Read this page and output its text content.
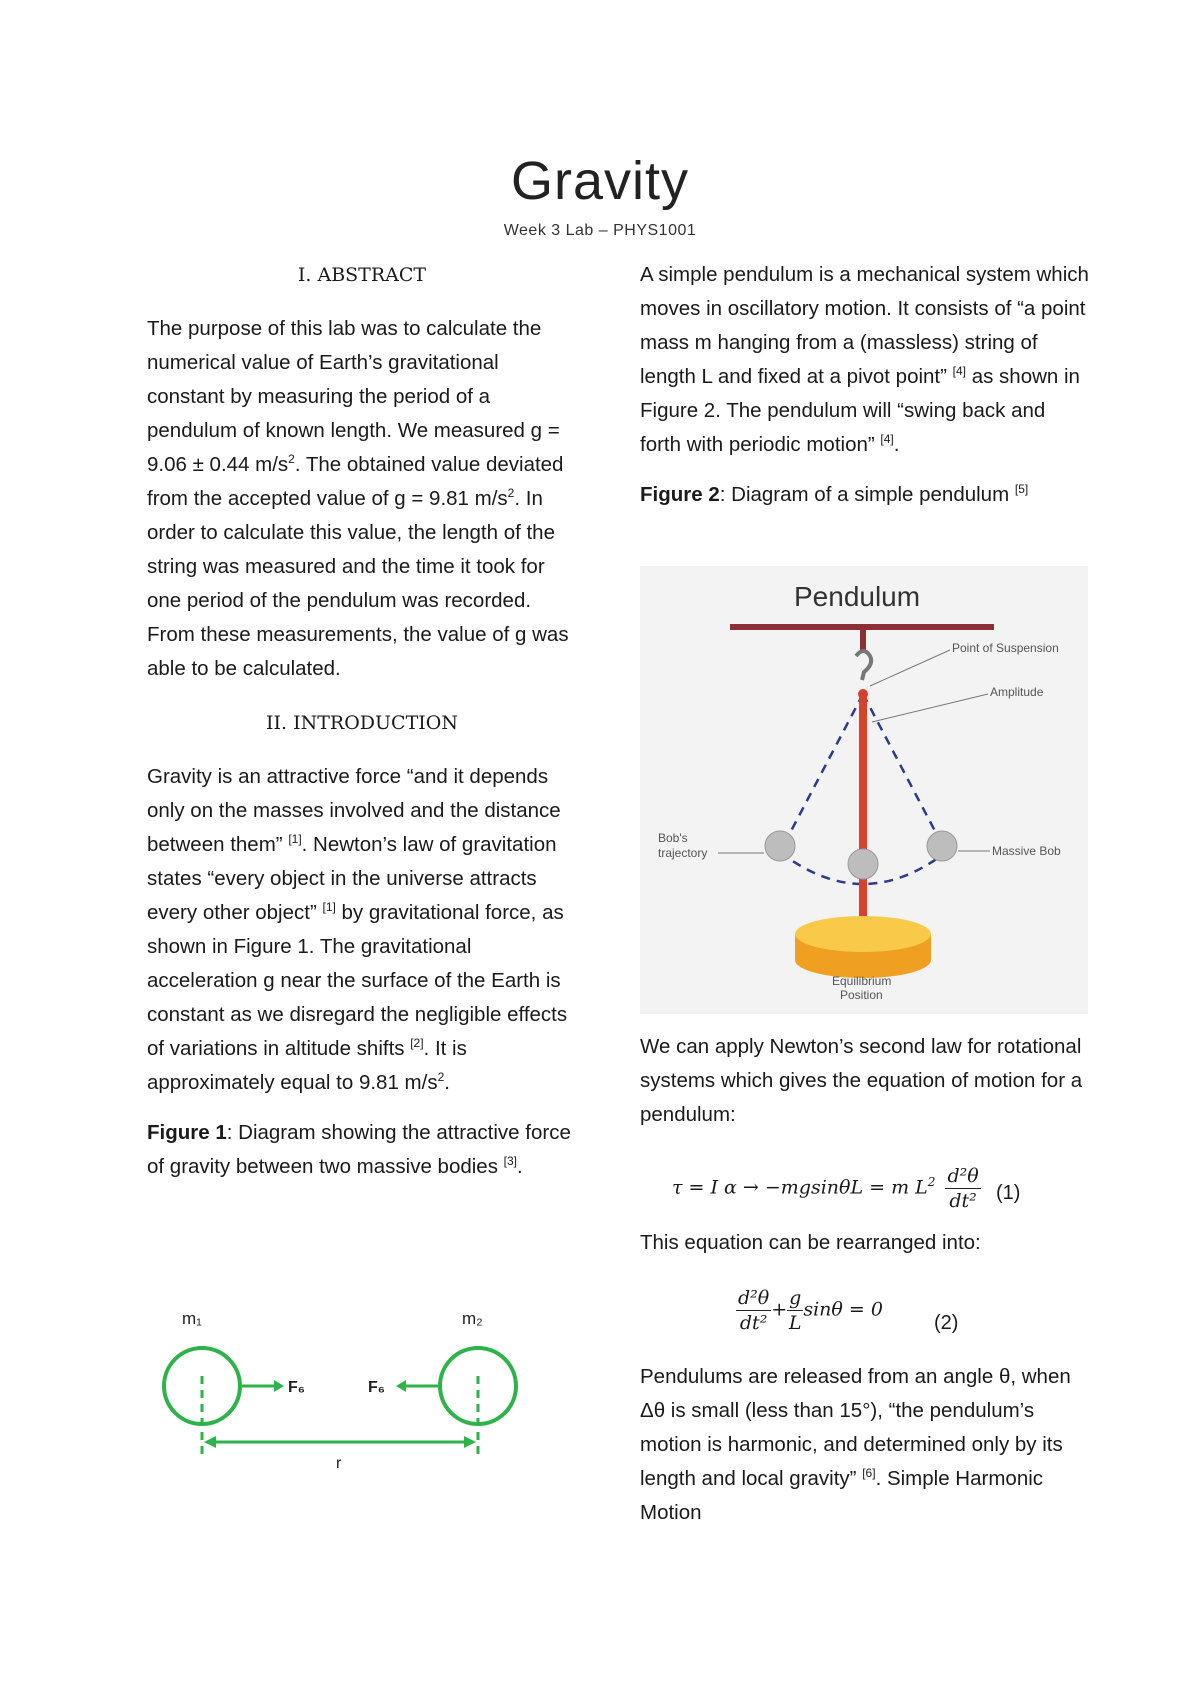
Gravity
Week 3 Lab – PHYS1001
I. ABSTRACT

The purpose of this lab was to calculate the numerical value of Earth’s gravitational constant by measuring the period of a pendulum of known length. We measured g = 9.06 ± 0.44 $m/s^2$. The obtained value deviated from the accepted value of g = 9.81 $m/s^2$. In order to calculate this value, the length of the string was measured and the time it took for one period of the pendulum was recorded. From these measurements, the value of g was able to be calculated.

II. INTRODUCTION

Gravity is an attractive force “and it depends only on the masses involved and the distance between them” [1]. Newton’s law of gravitation states “every object in the universe attracts every other object” [1] by gravitational force, as shown in Figure 1. The gravitational acceleration g near the surface of the Earth is constant as we disregard the negligible effects of variations in altitude shifts [2]. It is approximately equal to 9.81 $m/s^2$.

Figure 1: Diagram showing the attractive force of gravity between two massive bodies [3].

m₁	m₂
F₆	F₆
r

A simple pendulum is a mechanical system which moves in oscillatory motion. It consists of “a point mass m hanging from a (massless) string of length L and fixed at a pivot point” [4] as shown in Figure 2. The pendulum will “swing back and forth with periodic motion” [4].

Figure 2: Diagram of a simple pendulum [5]

Pendulum
Point of Suspension
Amplitude
Bob's
trajectory	Massive Bob
Equilibrium
Position

We can apply Newton’s second law for rotational systems which gives the equation of motion for a pendulum:

τ = I α → −mgsinθL = m $L^2 \frac{\text{d²θ}}{\text{dt²}} (1)$

This equation can be rearranged into:

$\frac{\text{d²θ}}{\text{dt²}} + \frac{g}{L}$ sinθ = 0
(2)

Pendulums are released from an angle θ, when Δθ is small (less than 15°), “the pendulum’s motion is harmonic, and determined only by its length and local gravity” [6]. Simple Harmonic Motion
